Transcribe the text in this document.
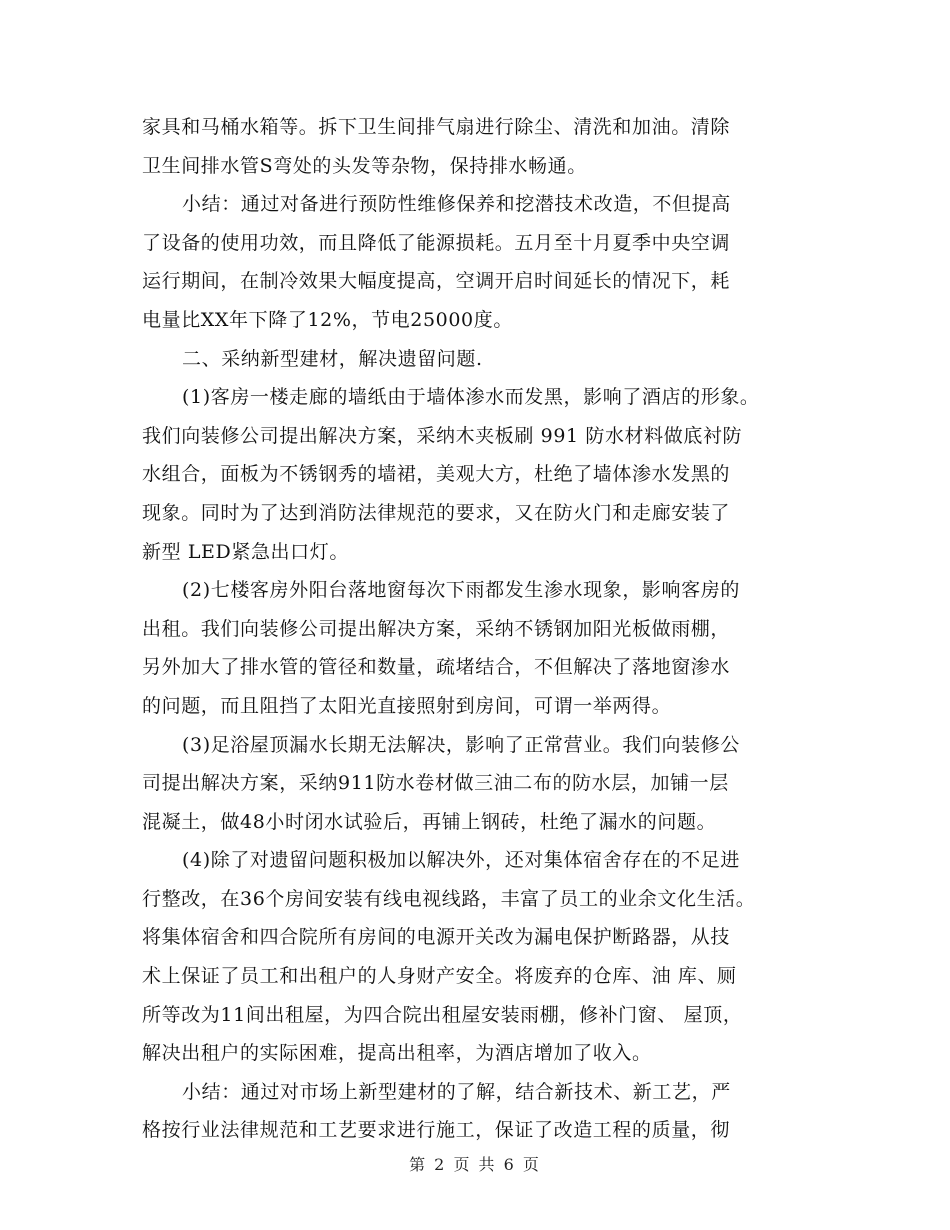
家具和马桶水箱等。拆下卫生间排气扇进行除尘、清洗和加油。清除
卫生间排水管S弯处的头发等杂物，保持排水畅通。
小结：通过对备进行预防性维修保养和挖潜技术改造，不但提高
了设备的使用功效，而且降低了能源损耗。五月至十月夏季中央空调
运行期间，在制冷效果大幅度提高，空调开启时间延长的情况下，耗
电量比XX年下降了12%，节电25000度。
二、采纳新型建材，解决遗留问题.
(1)客房一楼走廊的墙纸由于墙体渗水而发黑，影响了酒店的形象。
我们向装修公司提出解决方案，采纳木夹板刷 991 防水材料做底衬防
水组合，面板为不锈钢秀的墙裙，美观大方，杜绝了墙体渗水发黑的
现象。同时为了达到消防法律规范的要求，又在防火门和走廊安装了
新型 LED紧急出口灯。
(2)七楼客房外阳台落地窗每次下雨都发生渗水现象，影响客房的
出租。我们向装修公司提出解决方案，采纳不锈钢加阳光板做雨棚，
另外加大了排水管的管径和数量，疏堵结合，不但解决了落地窗渗水
的问题，而且阻挡了太阳光直接照射到房间，可谓一举两得。
(3)足浴屋顶漏水长期无法解决，影响了正常营业。我们向装修公
司提出解决方案，采纳911防水卷材做三油二布的防水层，加铺一层
混凝土，做48小时闭水试验后，再铺上钢砖，杜绝了漏水的问题。
(4)除了对遗留问题积极加以解决外，还对集体宿舍存在的不足进
行整改，在36个房间安装有线电视线路，丰富了员工的业余文化生活。
将集体宿舍和四合院所有房间的电源开关改为漏电保护断路器，从技
术上保证了员工和出租户的人身财产安全。将废弃的仓库、油 库、厕
所等改为11间出租屋，为四合院出租屋安装雨棚，修补门窗、 屋顶，
解决出租户的实际困难，提高出租率，为酒店增加了收入。
小结：通过对市场上新型建材的了解，结合新技术、新工艺，严
格按行业法律规范和工艺要求进行施工，保证了改造工程的质量，彻
第 2 页 共 6 页
